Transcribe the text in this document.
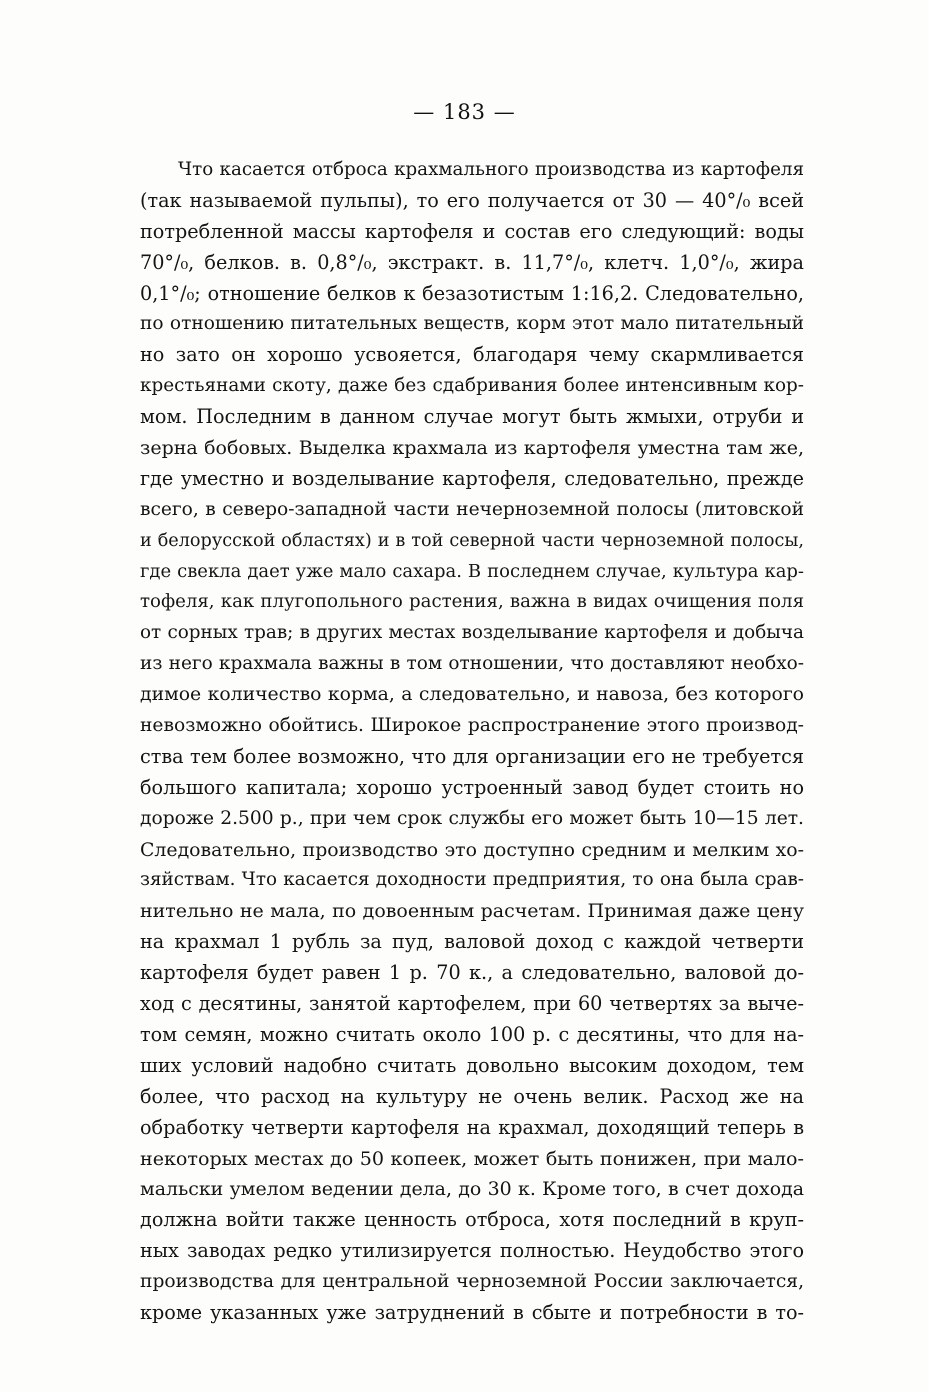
— 183 —
Что касается отброса крахмального производства из картофеля
(так называемой пульпы), то его получается от 30 — 40°/₀ всей
потребленной массы картофеля и состав его следующий: воды
70°/₀, белков. в. 0,8°/₀, экстракт. в. 11,7°/₀, клетч. 1,0°/₀, жира
0,1°/₀; отношение белков к безазотистым 1:16,2. Следовательно,
по отношению питательных веществ, корм этот мало питательный
но зато он хорошо усвояется, благодаря чему скармливается
крестьянами скоту, даже без сдабривания более интенсивным кор-
мом. Последним в данном случае могут быть жмыхи, отруби и
зерна бобовых. Выделка крахмала из картофеля уместна там же,
где уместно и возделывание картофеля, следовательно, прежде
всего, в северо-западной части нечерноземной полосы (литовской
и белорусской областях) и в той северной части черноземной полосы,
где свекла дает уже мало сахара. В последнем случае, культура кар-
тофеля, как плугопольного растения, важна в видах очищения поля
от сорных трав; в других местах возделывание картофеля и добыча
из него крахмала важны в том отношении, что доставляют необхо-
димое количество корма, а следовательно, и навоза, без которого
невозможно обойтись. Широкое распространение этого производ-
ства тем более возможно, что для организации его не требуется
большого капитала; хорошо устроенный завод будет стоить но
дороже 2.500 р., при чем срок службы его может быть 10—15 лет.
Следовательно, производство это доступно средним и мелким хо-
зяйствам. Что касается доходности предприятия, то она была срав-
нительно не мала, по довоенным расчетам. Принимая даже цену
на крахмал 1 рубль за пуд, валовой доход с каждой четверти
картофеля будет равен 1 р. 70 к., а следовательно, валовой до-
ход с десятины, занятой картофелем, при 60 четвертях за выче-
том семян, можно считать около 100 р. с десятины, что для на-
ших условий надобно считать довольно высоким доходом, тем
более, что расход на культуру не очень велик. Расход же на
обработку четверти картофеля на крахмал, доходящий теперь в
некоторых местах до 50 копеек, может быть понижен, при мало-
мальски умелом ведении дела, до 30 к. Кроме того, в счет дохода
должна войти также ценность отброса, хотя последний в круп-
ных заводах редко утилизируется полностью. Неудобство этого
производства для центральной черноземной России заключается,
кроме указанных уже затруднений в сбыте и потребности в то-
